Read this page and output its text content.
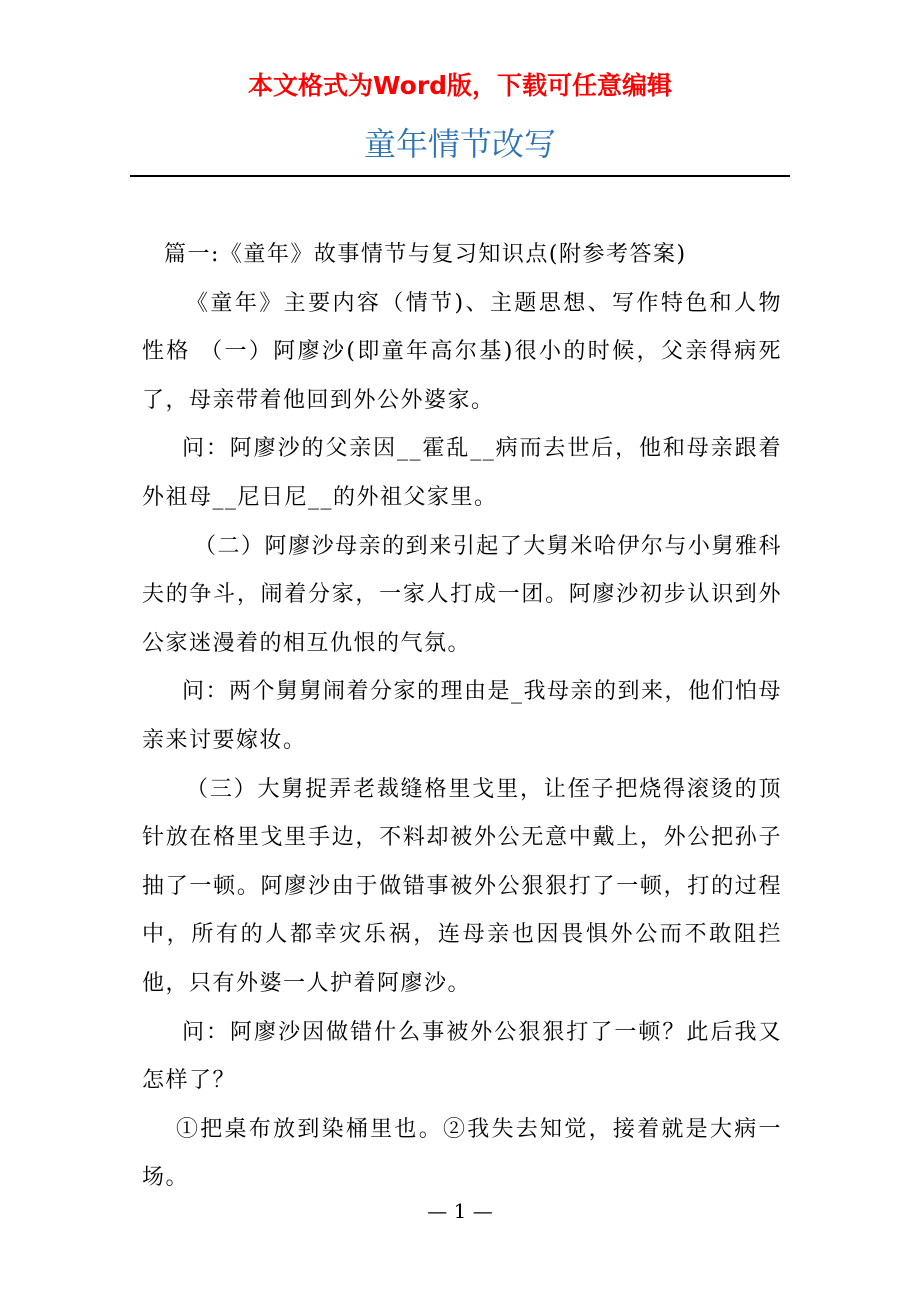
本文格式为Word版，下载可任意编辑
童年情节改写

篇一:《童年》故事情节与复习知识点(附参考答案)

《童年》主要内容（情节)、主题思想、写作特色和人物性格 （一）阿廖沙(即童年高尔基)很小的时候，父亲得病死了，母亲带着他回到外公外婆家。

问：阿廖沙的父亲因__霍乱__病而去世后，他和母亲跟着外祖母__尼日尼__的外祖父家里。

（二）阿廖沙母亲的到来引起了大舅米哈伊尔与小舅雅科夫的争斗，闹着分家，一家人打成一团。阿廖沙初步认识到外公家迷漫着的相互仇恨的气氛。

问：两个舅舅闹着分家的理由是_我母亲的到来，他们怕母亲来讨要嫁妆。

（三）大舅捉弄老裁缝格里戈里，让侄子把烧得滚烫的顶针放在格里戈里手边，不料却被外公无意中戴上，外公把孙子抽了一顿。阿廖沙由于做错事被外公狠狠打了一顿，打的过程中，所有的人都幸灾乐祸，连母亲也因畏惧外公而不敢阻拦他，只有外婆一人护着阿廖沙。

问：阿廖沙因做错什么事被外公狠狠打了一顿？此后我又怎样了？

①把桌布放到染桶里也。②我失去知觉，接着就是大病一场。

— 1 —
